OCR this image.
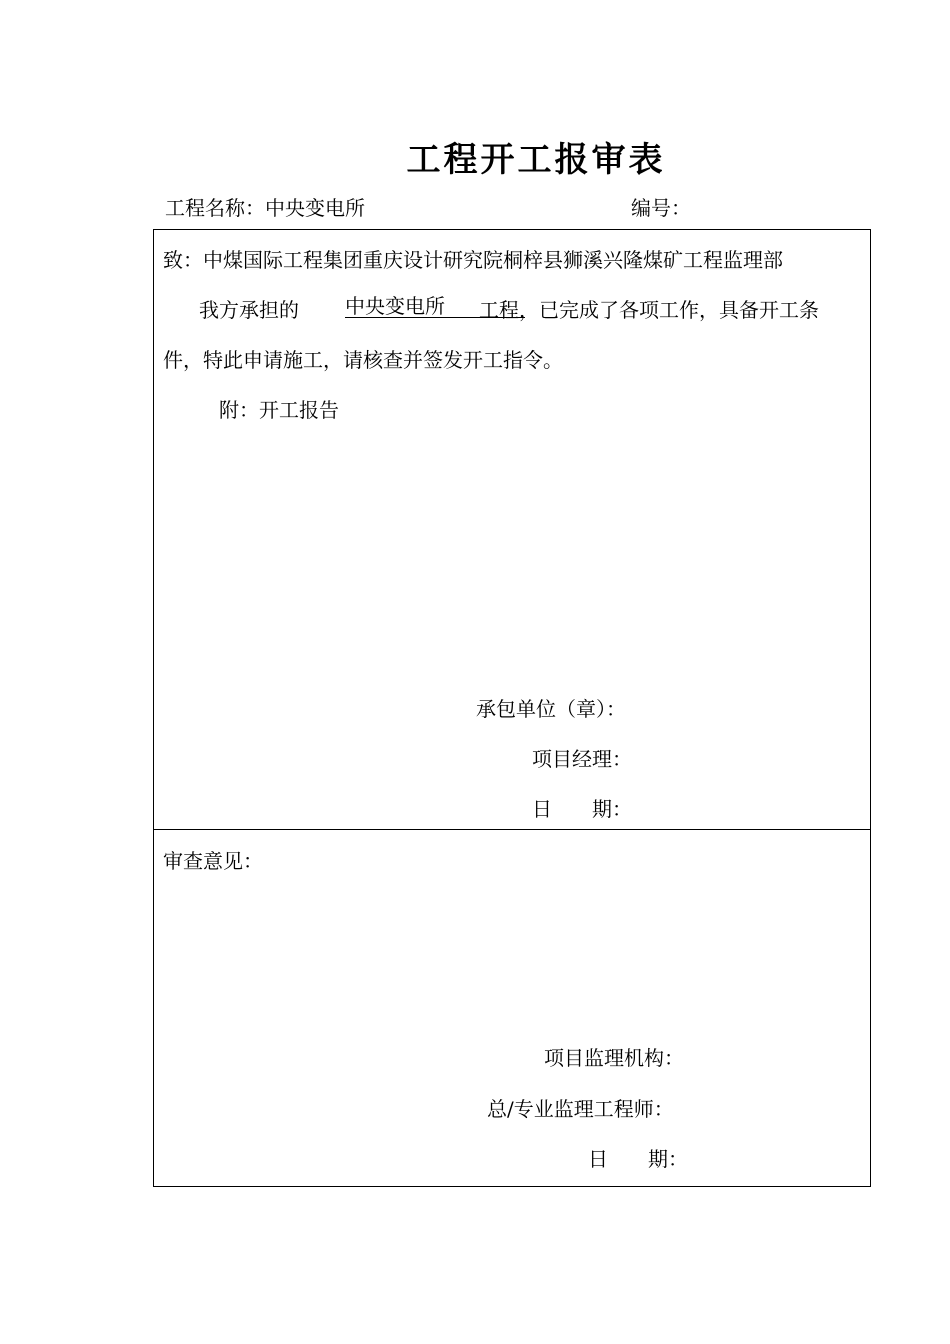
工程开工报审表
工程名称：中央变电所	编号：
致：中煤国际工程集团重庆设计研究院桐梓县狮溪兴隆煤矿工程监理部
我方承担的 中央变电所	工程，已完成了各项工作，具备开工条
件，特此申请施工，请核查并签发开工指令。
附：开工报告
承包单位（章）：
项目经理：
日　　期：
审查意见：
项目监理机构：
总/专业监理工程师：
日　　期：
